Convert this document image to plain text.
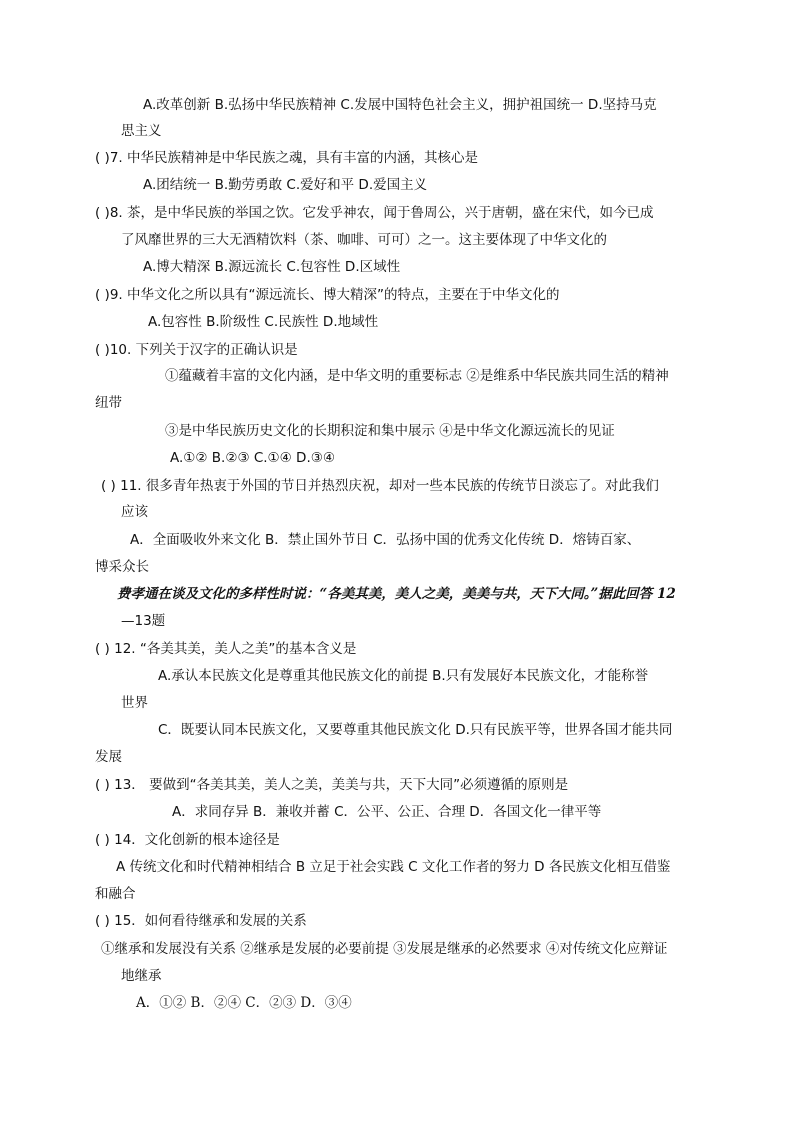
A.改革创新 B.弘扬中华民族精神 C.发展中国特色社会主义，拥护祖国统一 D.坚持马克
思主义
( )7. 中华民族精神是中华民族之魂，具有丰富的内涵，其核心是
A.团结统一 B.勤劳勇敢 C.爱好和平 D.爱国主义
( )8. 茶，是中华民族的举国之饮。它发乎神农，闻于鲁周公，兴于唐朝，盛在宋代，如今已成
了风靡世界的三大无酒精饮料（茶、咖啡、可可）之一。这主要体现了中华文化的
A.博大精深 B.源远流长 C.包容性 D.区域性
( )9. 中华文化之所以具有“源远流长、博大精深”的特点，主要在于中华文化的
A.包容性 B.阶级性 C.民族性 D.地域性
( )10. 下列关于汉字的正确认识是
①蕴藏着丰富的文化内涵，是中华文明的重要标志 ②是维系中华民族共同生活的精神
纽带
③是中华民族历史文化的长期积淀和集中展示 ④是中华文化源远流长的见证
A.①② B.②③ C.①④ D.③④
( ) 11. 很多青年热衷于外国的节日并热烈庆祝，却对一些本民族的传统节日淡忘了。对此我们
应该
A．全面吸收外来文化 B．禁止国外节日 C．弘扬中国的优秀文化传统 D．熔铸百家、
博采众长
费孝通在谈及文化的多样性时说：“各美其美，美人之美，美美与共，天下大同。”据此回答 12
—13题
( ) 12. “各美其美，美人之美”的基本含义是
A.承认本民族文化是尊重其他民族文化的前提 B.只有发展好本民族文化，才能称誉
世界
C．既要认同本民族文化，又要尊重其他民族文化 D.只有民族平等，世界各国才能共同
发展
( ) 13． 要做到“各美其美，美人之美，美美与共，天下大同”必须遵循的原则是
A．求同存异 B．兼收并蓄 C．公平、公正、合理 D．各国文化一律平等
( ) 14．文化创新的根本途径是
A 传统文化和时代精神相结合 B 立足于社会实践 C 文化工作者的努力 D 各民族文化相互借鉴
和融合
( ) 15．如何看待继承和发展的关系
①继承和发展没有关系 ②继承是发展的必要前提 ③发展是继承的必然要求 ④对传统文化应辩证
地继承
A．①② B．②④ C．②③ D．③④
